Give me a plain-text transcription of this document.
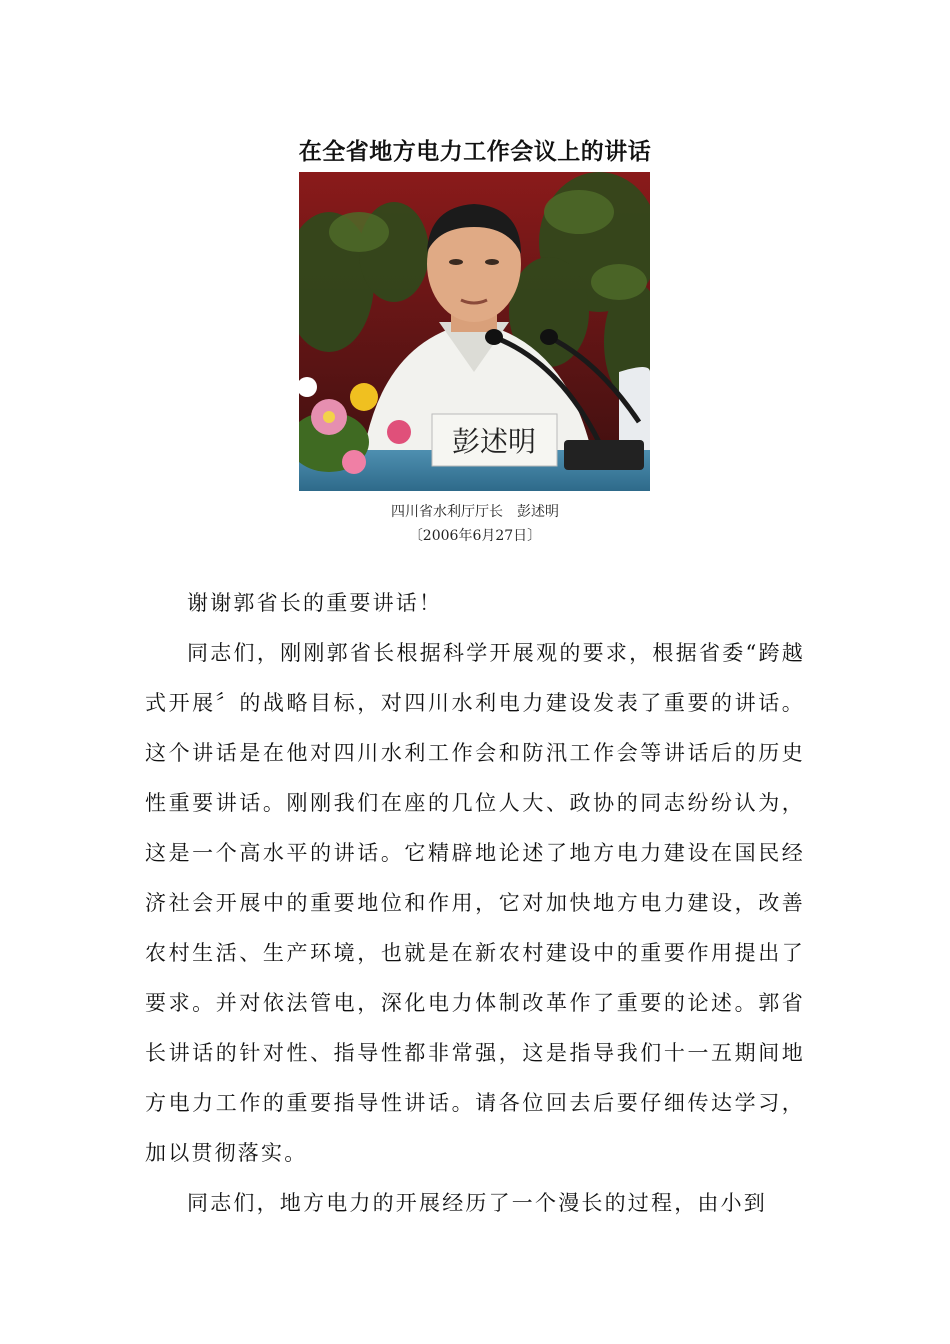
在全省地方电力工作会议上的讲话
彭述明
四川省水利厅厅长　彭述明
〔2006年6月27日〕

谢谢郭省长的重要讲话！

同志们，刚刚郭省长根据科学开展观的要求，根据省委“跨越式开展〞的战略目标，对四川水利电力建设发表了重要的讲话。这个讲话是在他对四川水利工作会和防汛工作会等讲话后的历史性重要讲话。刚刚我们在座的几位人大、政协的同志纷纷认为，这是一个高水平的讲话。它精辟地论述了地方电力建设在国民经济社会开展中的重要地位和作用，它对加快地方电力建设，改善农村生活、生产环境，也就是在新农村建设中的重要作用提出了要求。并对依法管电，深化电力体制改革作了重要的论述。郭省长讲话的针对性、指导性都非常强，这是指导我们十一五期间地方电力工作的重要指导性讲话。请各位回去后要仔细传达学习，加以贯彻落实。

同志们，地方电力的开展经历了一个漫长的过程，由小到
